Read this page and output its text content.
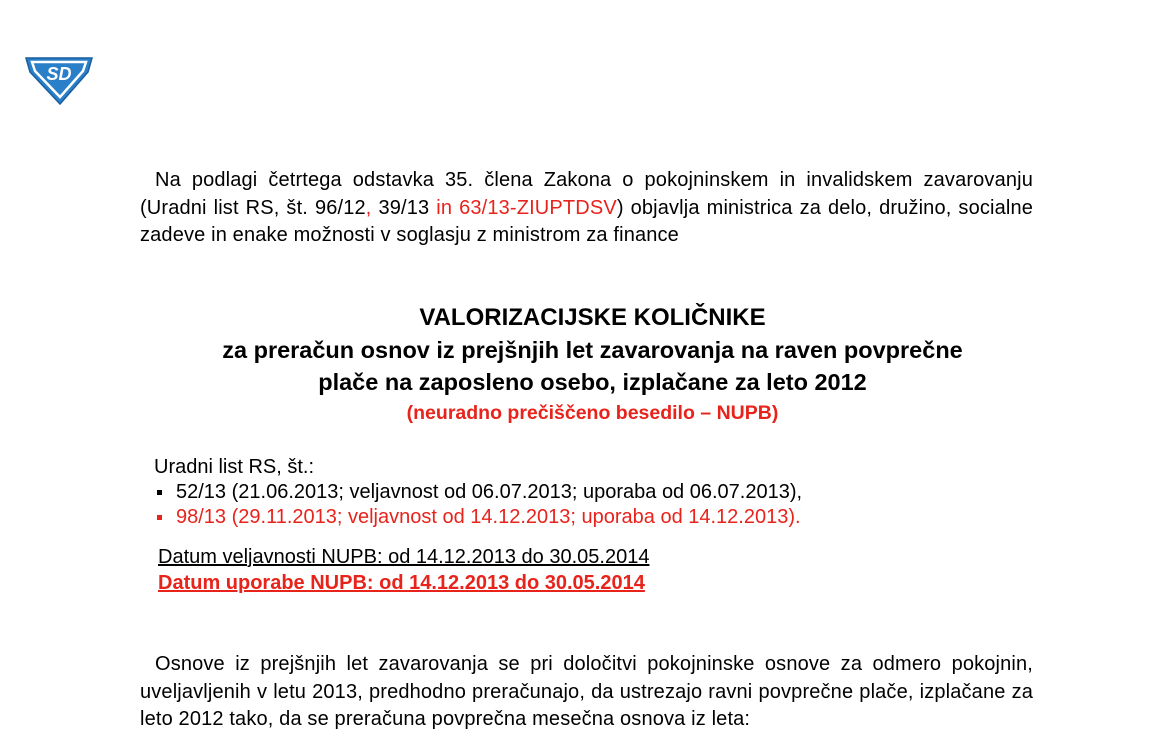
SD
Na podlagi četrtega odstavka 35. člena Zakona o pokojninskem in invalidskem zavarovanju (Uradni list RS, št. 96/12, 39/13 in 63/13-ZIUPTDSV) objavlja ministrica za delo, družino, socialne zadeve in enake možnosti v soglasju z ministrom za finance
VALORIZACIJSKE KOLIČNIKE
za preračun osnov iz prejšnjih let zavarovanja na raven povprečne
plače na zaposleno osebo, izplačane za leto 2012
(neuradno prečiščeno besedilo – NUPB)
Uradni list RS, št.:
52/13 (21.06.2013; veljavnost od 06.07.2013; uporaba od 06.07.2013),
98/13 (29.11.2013; veljavnost od 14.12.2013; uporaba od 14.12.2013).
Datum veljavnosti NUPB: od 14.12.2013 do 30.05.2014
Datum uporabe NUPB: od 14.12.2013 do 30.05.2014
Osnove iz prejšnjih let zavarovanja se pri določitvi pokojninske osnove za odmero pokojnin, uveljavljenih v letu 2013, predhodno preračunajo, da ustrezajo ravni povprečne plače, izplačane za leto 2012 tako, da se preračuna povprečna mesečna osnova iz leta:
